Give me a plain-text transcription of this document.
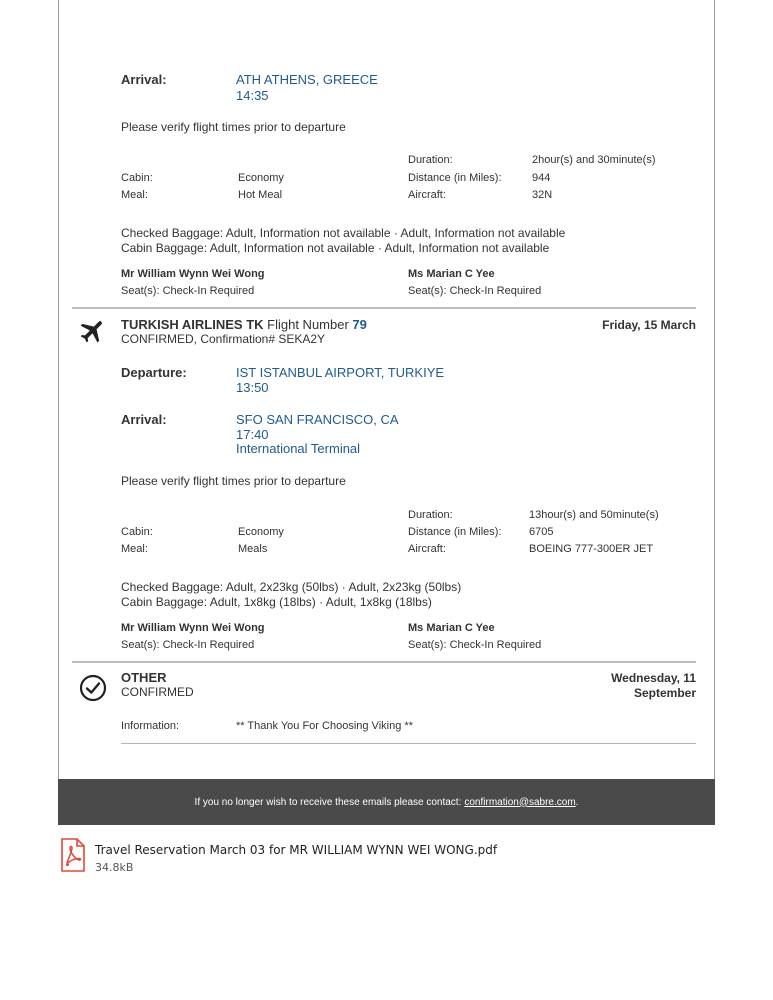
Arrival:	ATH ATHENS, GREECE
14:35
Please verify flight times prior to departure
Duration:	2hour(s) and 30minute(s)
Cabin:	Economy	Distance (in Miles):	944
Meal:	Hot Meal	Aircraft:	32N
Checked Baggage: Adult, Information not available · Adult, Information not available
Cabin Baggage: Adult, Information not available · Adult, Information not available
Mr William Wynn Wei Wong
Seat(s): Check-In Required
Ms Marian C Yee
Seat(s): Check-In Required
TURKISH AIRLINES TK Flight Number 79	Friday, 15 March
CONFIRMED, Confirmation# SEKA2Y
Departure:	IST ISTANBUL AIRPORT, TURKIYE
13:50
Arrival:	SFO SAN FRANCISCO, CA
17:40
International Terminal
Please verify flight times prior to departure
Duration:	13hour(s) and 50minute(s)
Cabin:	Economy	Distance (in Miles): 6705
Meal:	Meals	Aircraft:	BOEING 777-300ER JET
Checked Baggage: Adult, 2x23kg (50lbs) · Adult, 2x23kg (50lbs)
Cabin Baggage: Adult, 1x8kg (18lbs) · Adult, 1x8kg (18lbs)
Mr William Wynn Wei Wong
Seat(s): Check-In Required
Ms Marian C Yee
Seat(s): Check-In Required
OTHER
CONFIRMED
Wednesday, 11
September
Information:	** Thank You For Choosing Viking **
If you no longer wish to receive these emails please contact: confirmation@sabre.com .
Travel Reservation March 03 for MR WILLIAM WYNN WEI WONG.pdf
34.8kB
